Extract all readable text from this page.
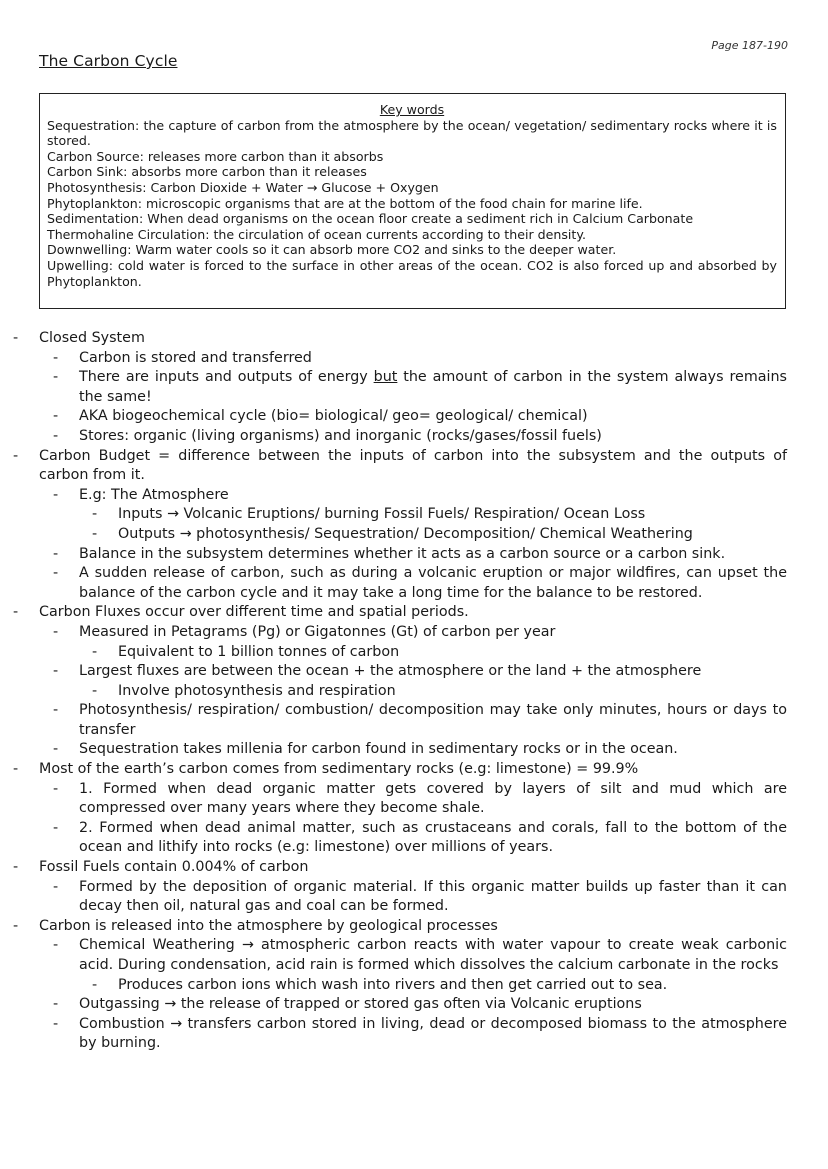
Page 187-190
The Carbon Cycle
Key words
Sequestration: the capture of carbon from the atmosphere by the ocean/ vegetation/ sedimentary rocks where it is stored.
Carbon Source: releases more carbon than it absorbs
Carbon Sink: absorbs more carbon than it releases
Photosynthesis: Carbon Dioxide + Water → Glucose + Oxygen
Phytoplankton: microscopic organisms that are at the bottom of the food chain for marine life.
Sedimentation: When dead organisms on the ocean floor create a sediment rich in Calcium Carbonate
Thermohaline Circulation: the circulation of ocean currents according to their density.
Downwelling: Warm water cools so it can absorb more CO2 and sinks to the deeper water.
Upwelling: cold water is forced to the surface in other areas of the ocean. CO2 is also forced up and absorbed by Phytoplankton.
- Closed System
- Carbon is stored and transferred
- There are inputs and outputs of energy but the amount of carbon in the system always remains the same!
- AKA biogeochemical cycle (bio= biological/ geo= geological/ chemical)
- Stores: organic (living organisms) and inorganic (rocks/gases/fossil fuels)
- Carbon Budget = difference between the inputs of carbon into the subsystem and the outputs of carbon from it.
- E.g: The Atmosphere
- Inputs → Volcanic Eruptions/ burning Fossil Fuels/ Respiration/ Ocean Loss
- Outputs → photosynthesis/ Sequestration/ Decomposition/ Chemical Weathering
- Balance in the subsystem determines whether it acts as a carbon source or a carbon sink.
- A sudden release of carbon, such as during a volcanic eruption or major wildfires, can upset the balance of the carbon cycle and it may take a long time for the balance to be restored.
- Carbon Fluxes occur over different time and spatial periods.
- Measured in Petagrams (Pg) or Gigatonnes (Gt) of carbon per year
- Equivalent to 1 billion tonnes of carbon
- Largest fluxes are between the ocean + the atmosphere or the land + the atmosphere
- Involve photosynthesis and respiration
- Photosynthesis/ respiration/ combustion/ decomposition may take only minutes, hours or days to transfer
- Sequestration takes millenia for carbon found in sedimentary rocks or in the ocean.
- Most of the earth’s carbon comes from sedimentary rocks (e.g: limestone) = 99.9%
- 1. Formed when dead organic matter gets covered by layers of silt and mud which are compressed over many years where they become shale.
- 2. Formed when dead animal matter, such as crustaceans and corals, fall to the bottom of the ocean and lithify into rocks (e.g: limestone) over millions of years.
- Fossil Fuels contain 0.004% of carbon
- Formed by the deposition of organic material. If this organic matter builds up faster than it can decay then oil, natural gas and coal can be formed.
- Carbon is released into the atmosphere by geological processes
- Chemical Weathering → atmospheric carbon reacts with water vapour to create weak carbonic acid. During condensation, acid rain is formed which dissolves the calcium carbonate in the rocks
- Produces carbon ions which wash into rivers and then get carried out to sea.
- Outgassing → the release of trapped or stored gas often via Volcanic eruptions
- Combustion → transfers carbon stored in living, dead or decomposed biomass to the atmosphere by burning.
